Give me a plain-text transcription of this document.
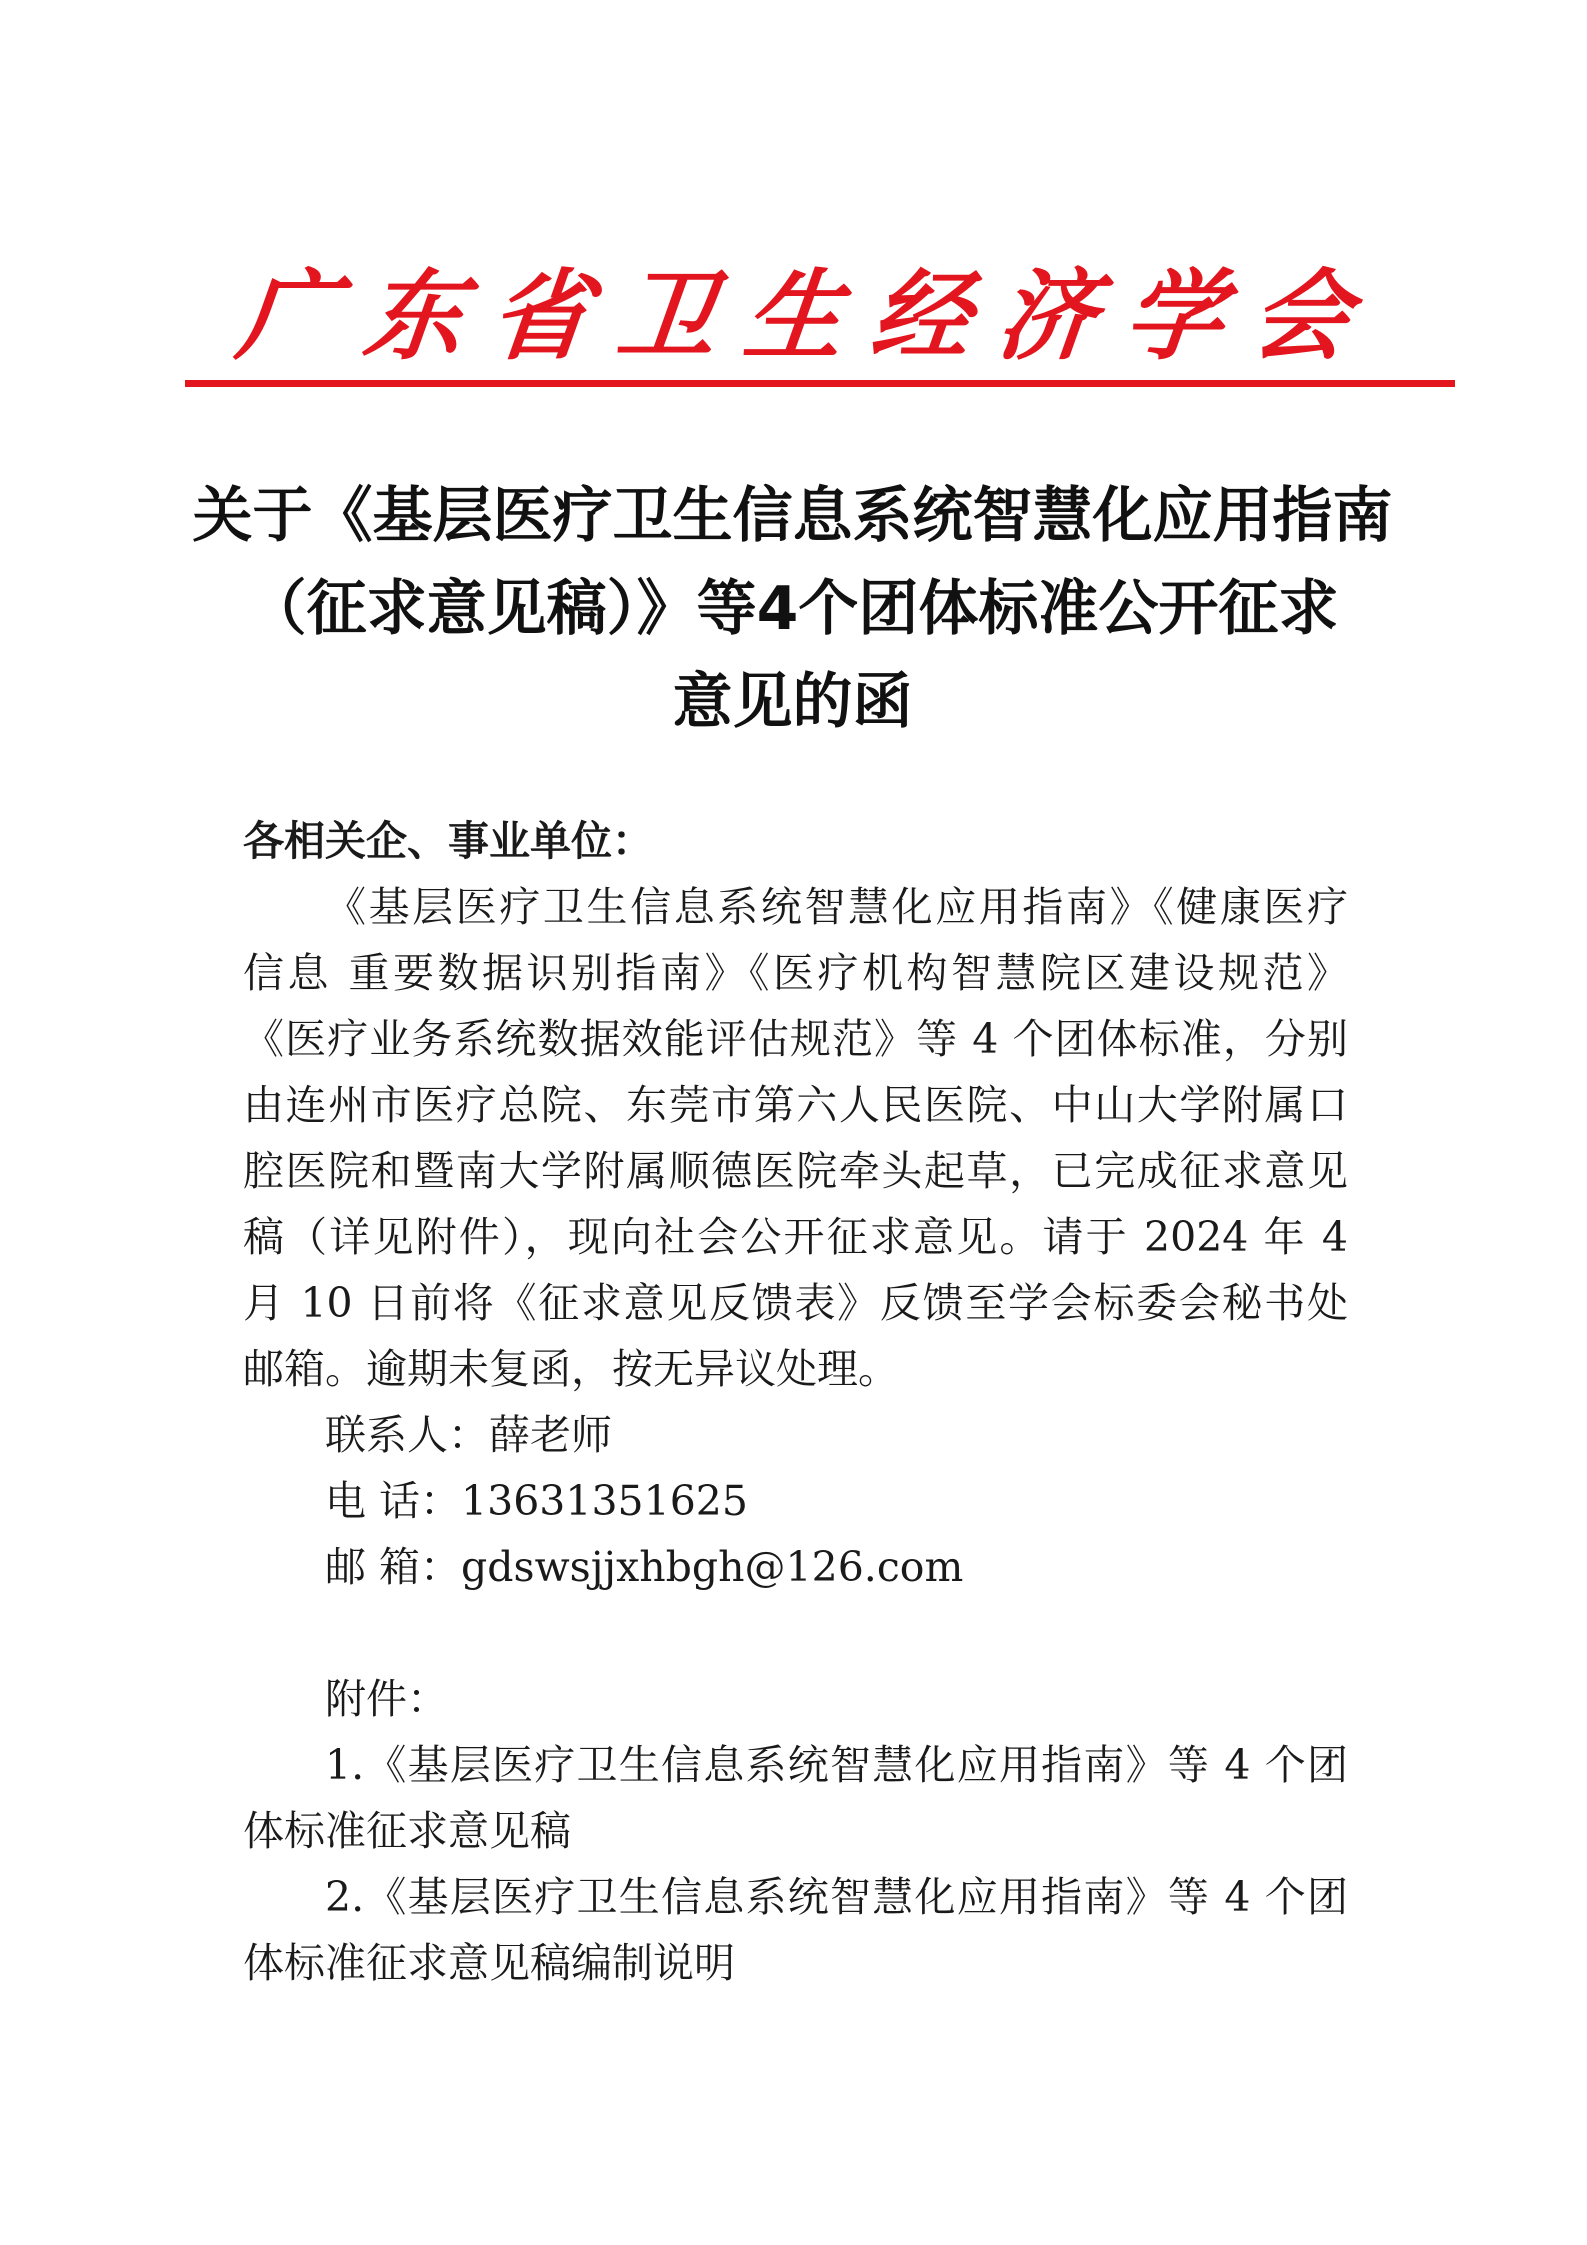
广 东 省 卫 生 经 济 学 会
关于《基层医疗卫生信息系统智慧化应用指南
（征求意见稿）》等4个团体标准公开征求
意见的函
各相关企、事业单位：
《基层医疗卫生信息系统智慧化应用指南》《健康医疗
信息 重要数据识别指南》《医疗机构智慧院区建设规范》
《医疗业务系统数据效能评估规范》等 4 个团体标准，分别
由连州市医疗总院、东莞市第六人民医院、中山大学附属口
腔医院和暨南大学附属顺德医院牵头起草，已完成征求意见
稿（详见附件），现向社会公开征求意见。请于 2024 年 4
月 10 日前将《征求意见反馈表》反馈至学会标委会秘书处
邮箱。逾期未复函，按无异议处理。
联系人：薛老师
电 话：13631351625
邮 箱：gdswsjjxhbgh@126.com
附件：
1.《基层医疗卫生信息系统智慧化应用指南》等 4 个团
体标准征求意见稿
2.《基层医疗卫生信息系统智慧化应用指南》等 4 个团
体标准征求意见稿编制说明
